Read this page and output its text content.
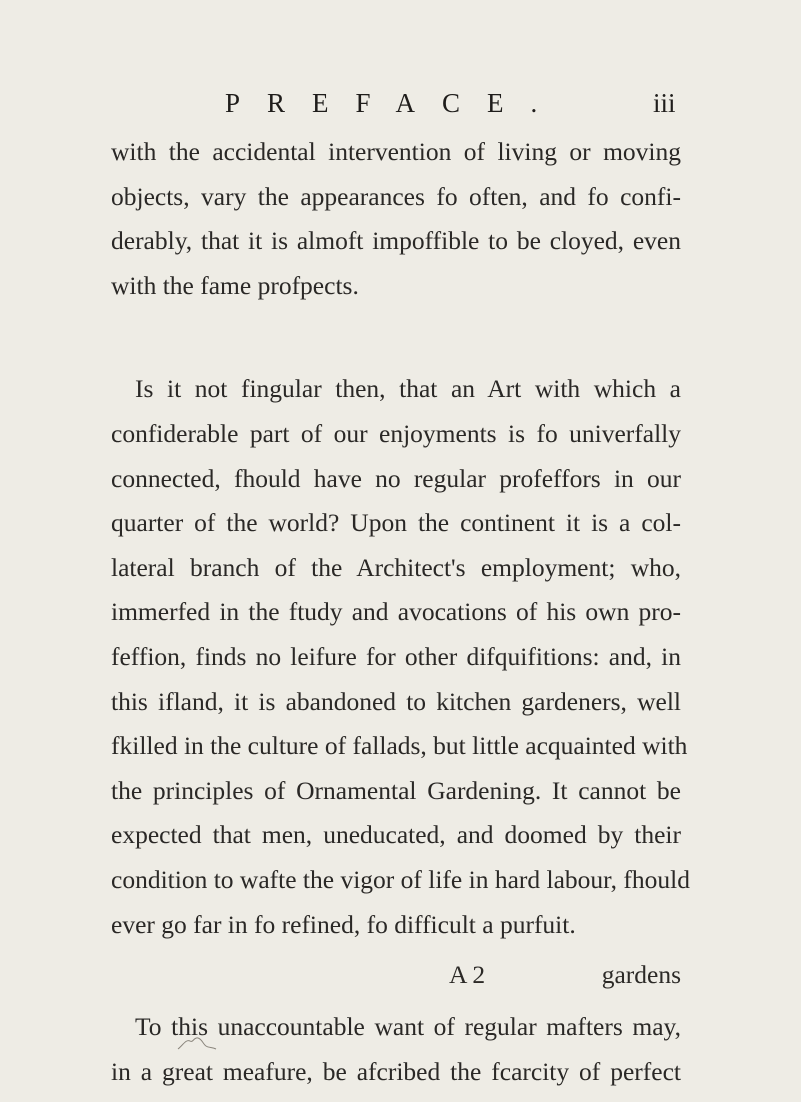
PREFACE.	iii

with the accidental intervention of living or moving
objects, vary the appearances fo often, and fo confi-
derably, that it is almoft impoffible to be cloyed, even
with the fame profpects.

Is it not fingular then, that an Art with which a
confiderable part of our enjoyments is fo univerfally
connected, fhould have no regular profeffors in our
quarter of the world? Upon the continent it is a col-
lateral branch of the Architect's employment; who,
immerfed in the ftudy and avocations of his own pro-
feffion, finds no leifure for other difquifitions: and, in
this ifland, it is abandoned to kitchen gardeners, well
fkilled in the culture of fallads, but little acquainted with
the principles of Ornamental Gardening. It cannot be
expected that men, uneducated, and doomed by their
condition to wafte the vigor of life in hard labour, fhould
ever go far in fo refined, fo difficult a purfuit.

To this unaccountable want of regular mafters may,
in a great meafure, be afcribed the fcarcity of perfect

A 2	gardens
